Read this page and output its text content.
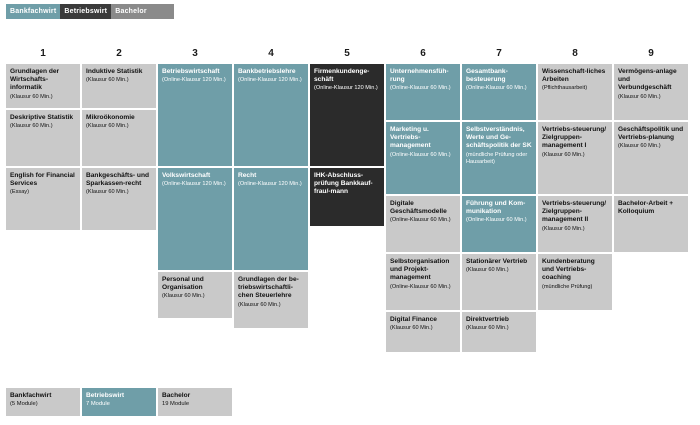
Bankfachwirt	Betriebswirt	Bachelor
1	2	3	4	5	6	7	8	9
Grundlagen der Wirtschafts-
informatik
(Klausur 60 Min.)
Deskriptive Statistik
(Klausur 60 Min.)
English for Financial Services
(Essay)
Induktive Statistik
(Klausur 60 Min.)
Mikroökonomie
(Klausur 60 Min.)
Bankgeschäfts- und Sparkassen-recht
(Klausur 60 Min.)
Betriebswirtschaft
(Online-Klausur 120 Min.)
Volkswirtschaft
(Online-Klausur 120 Min.)
Personal und Organisation
(Klausur 60 Min.)
Bankbetriebslehre
(Online-Klausur 120 Min.)
Recht
(Online-Klausur 120 Min.)
Grundlagen der be-triebswirtschaftli-chen Steuerlehre
(Klausur 60 Min.)
Firmenkundenge-schäft
(Online-Klausur 120 Min.)
IHK-Abschluss-prüfung Bankkauf-frau/-mann
Unternehmensfüh-rung
(Online-Klausur 60 Min.)
Marketing u. Vertriebs-management
(Online-Klausur 60 Min.)
Digitale Geschäftsmodelle
(Online-Klausur 60 Min.)
Selbstorganisation und Projekt-management
(Online-Klausur 60 Min.)
Digital Finance
(Klausur 60 Min.)
Gesamtbank-besteuerung
(Online-Klausur 60 Min.)
Selbstverständnis, Werte und Ge-schäftspolitik der SK
(mündliche Prüfung oder Hausarbeit)
Führung und Kom-munikation
(Online-Klausur 60 Min.)
Stationärer Vertrieb
(Klausur 60 Min.)
Direktvertrieb
(Klausur 60 Min.)
Wissenschaft-liches Arbeiten
(Pflichthausarbeit)
Vertriebs-steuerung/ Zielgruppen-management I
(Klausur 60 Min.)
Vertriebs-steuerung/ Zielgruppen-management II
(Klausur 60 Min.)
Kundenberatung und Vertriebs-coaching
(mündliche Prüfung)
Vermögens-anlage und Verbundgeschäft
(Klausur 60 Min.)
Geschäftspolitik und Vertriebs-planung
(Klausur 60 Min.)
Bachelor-Arbeit + Kolloquium
Bankfachwirt
(5 Module)
Betriebswirt
7 Module
Bachelor
19 Module
